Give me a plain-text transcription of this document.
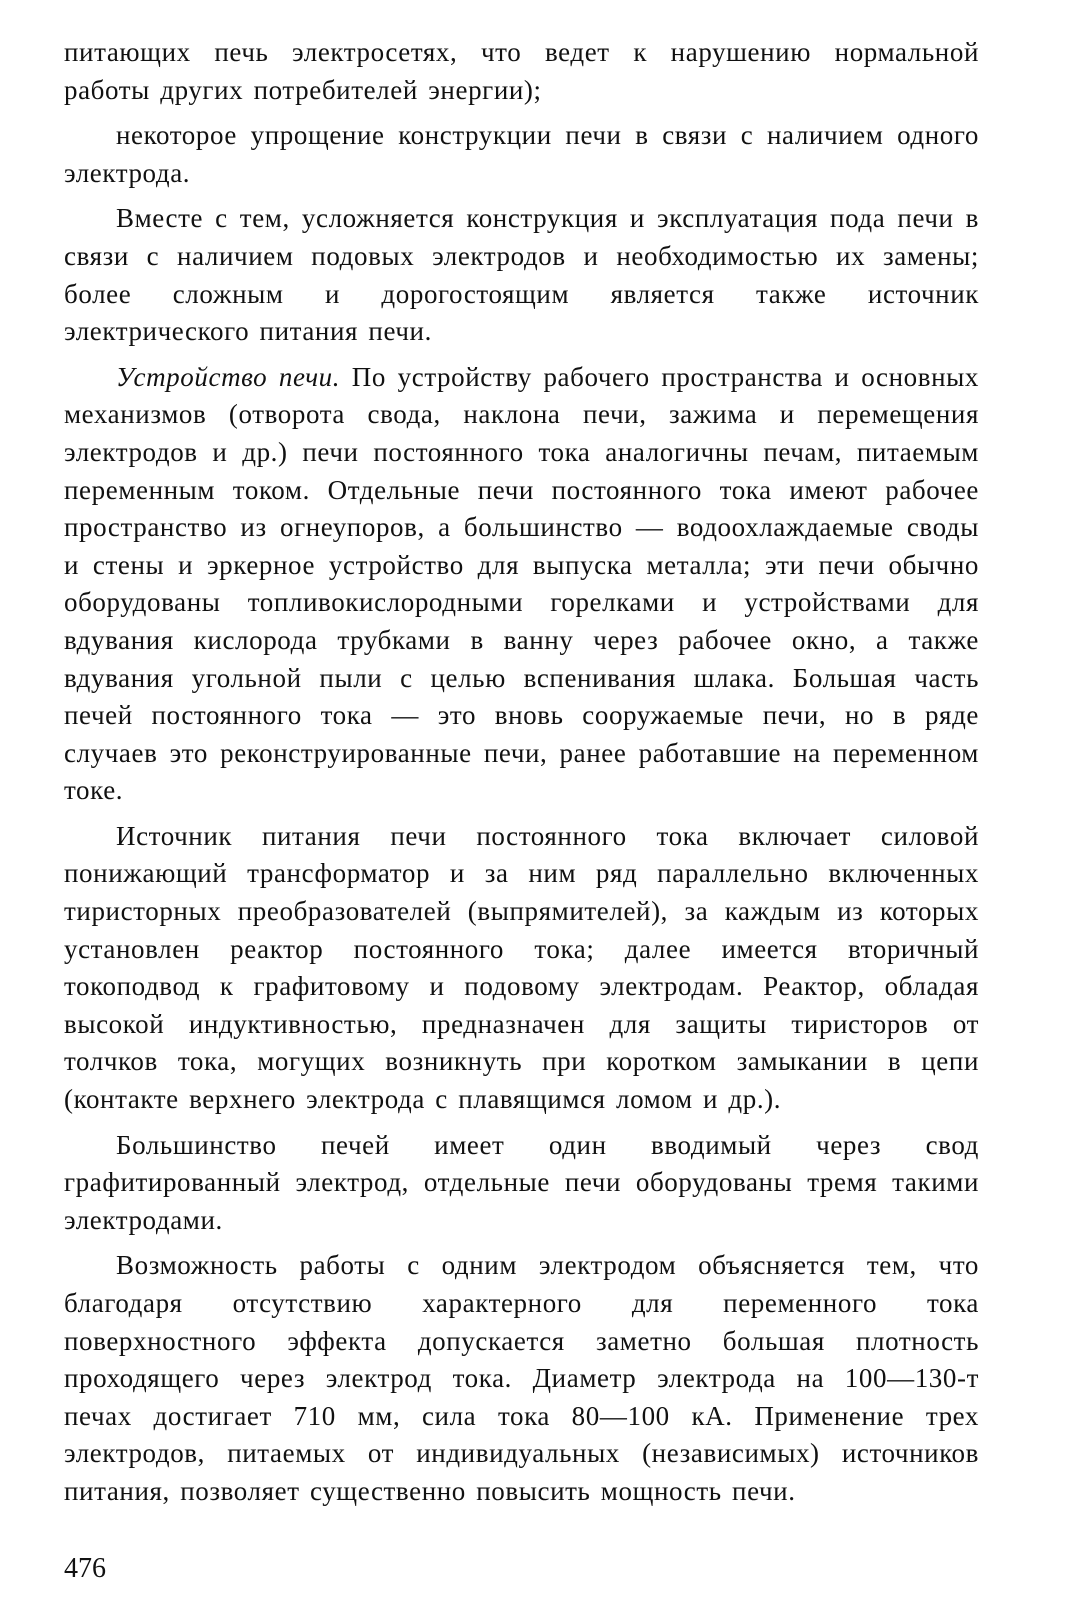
питающих печь электросетях, что ведет к нарушению нормальной работы других потребителей энергии);

некоторое упрощение конструкции печи в связи с наличием одного электрода.

Вместе с тем, усложняется конструкция и эксплуатация пода печи в связи с наличием подовых электродов и необходимостью их замены; более сложным и дорогостоящим является также источник электрического питания печи.

Устройство печи. По устройству рабочего пространства и основных механизмов (отворота свода, наклона печи, зажима и перемещения электродов и др.) печи постоянного тока аналогичны печам, питаемым переменным током. Отдельные печи постоянного тока имеют рабочее пространство из огнеупоров, а большинство — водоохлаждаемые своды и стены и эркерное устройство для выпуска металла; эти печи обычно оборудованы топливокислородными горелками и устройствами для вдувания кислорода трубками в ванну через рабочее окно, а также вдувания угольной пыли с целью вспенивания шлака. Большая часть печей постоянного тока — это вновь сооружаемые печи, но в ряде случаев это реконструированные печи, ранее работавшие на переменном токе.

Источник питания печи постоянного тока включает силовой понижающий трансформатор и за ним ряд параллельно включенных тиристорных преобразователей (выпрямителей), за каждым из которых установлен реактор постоянного тока; далее имеется вторичный токоподвод к графитовому и подовому электродам. Реактор, обладая высокой индуктивностью, предназначен для защиты тиристоров от толчков тока, могущих возникнуть при коротком замыкании в цепи (контакте верхнего электрода с плавящимся ломом и др.).

Большинство печей имеет один вводимый через свод графитированный электрод, отдельные печи оборудованы тремя такими электродами.

Возможность работы с одним электродом объясняется тем, что благодаря отсутствию характерного для переменного тока поверхностного эффекта допускается заметно большая плотность проходящего через электрод тока. Диаметр электрода на 100—130-т печах достигает 710 мм, сила тока 80—100 кА. Применение трех электродов, питаемых от индивидуальных (независимых) источников питания, позволяет существенно повысить мощность печи.

476
